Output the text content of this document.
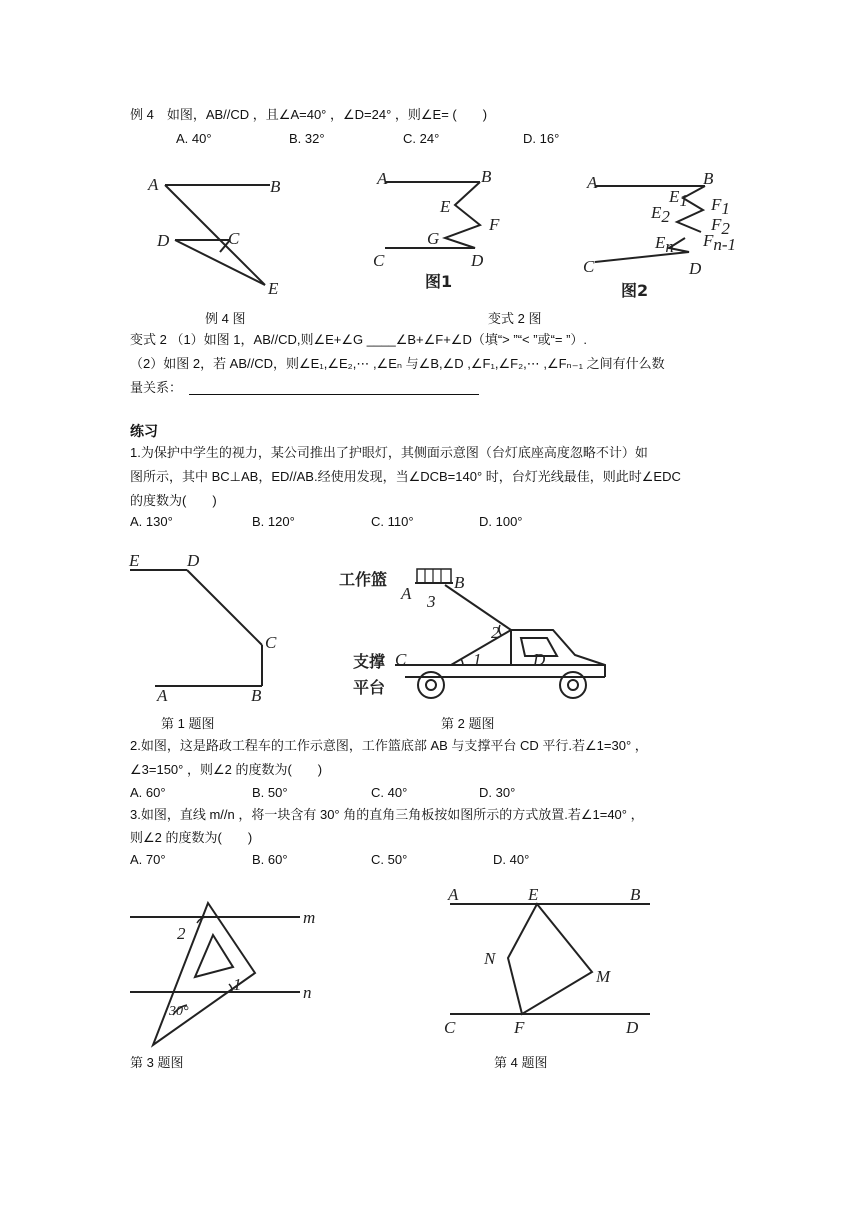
例 4　如图，AB//CD ，且∠A=40° ，∠D=24° ，则∠E= (　　)
A. 40°	B. 32°	C. 24°	D. 16°
A	B
C
D
E
A	B
E
F
G
C	D
图1
A	B
E1 F1
E2 F2
En Fn-1
C	D
图2
例 4 图	变式 2 图
变式 2 （1）如图 1，AB//CD,则∠E+∠G ____∠B+∠F+∠D（填“> ”“< ”或“= ”）.
（2）如图 2，若 AB//CD，则∠E₁,∠E₂,⋯ ,∠Eₙ 与∠B,∠D ,∠F₁,∠F₂,⋯ ,∠Fₙ₋₁ 之间有什么数
量关系：
练习
1.为保护中学生的视力，某公司推出了护眼灯，其侧面示意图（台灯底座高度忽略不计）如
图所示，其中 BC⊥AB，ED//AB.经使用发现，当∠DCB=140° 时，台灯光线最佳，则此时∠EDC
的度数为(　　)
A. 130°	B. 120°	C. 110°	D. 100°
E	D
C
A	B
工作篮
A
B
3
2
1
C	D
支撑
平台
第 1 题图	第 2 题图
2.如图，这是路政工程车的工作示意图，工作篮底部 AB 与支撑平台 CD 平行.若∠1=30° ，
∠3=150° ，则∠2 的度数为(　　)
A. 60°	B. 50°	C. 40°	D. 30°
3.如图，直线 m//n ，将一块含有 30° 角的直角三角板按如图所示的方式放置.若∠1=40° ，
则∠2 的度数为(　　)
A. 70°	B. 60°	C. 50°	D. 40°
m
n
2
1
30°
A	E	B
N
M
C	F	D
第 3 题图	第 4 题图
